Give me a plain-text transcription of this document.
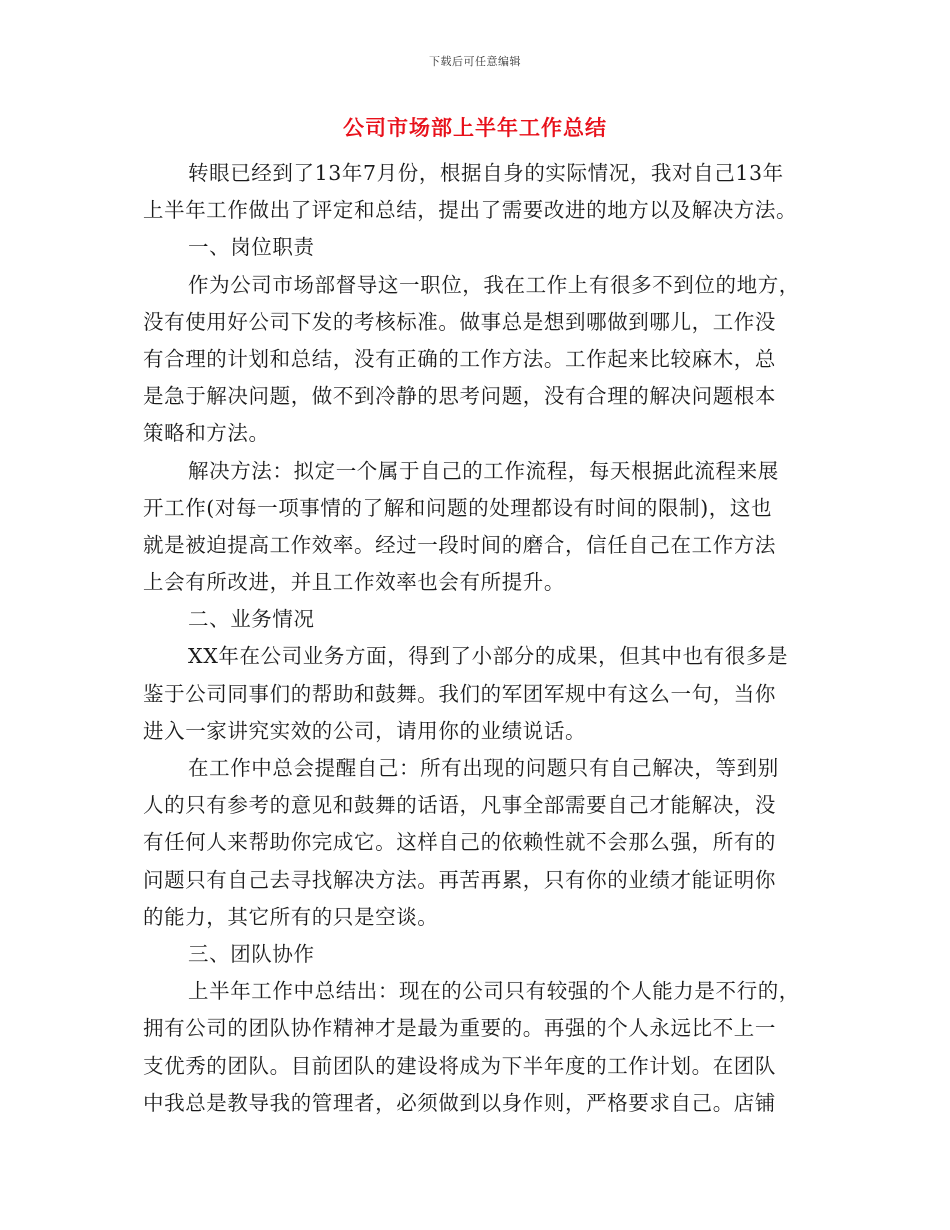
下载后可任意编辑
公司市场部上半年工作总结
转眼已经到了13年7月份，根据自身的实际情况，我对自己13年
上半年工作做出了评定和总结，提出了需要改进的地方以及解决方法。
一、岗位职责
作为公司市场部督导这一职位，我在工作上有很多不到位的地方，
没有使用好公司下发的考核标准。做事总是想到哪做到哪儿，工作没
有合理的计划和总结，没有正确的工作方法。工作起来比较麻木，总
是急于解决问题，做不到冷静的思考问题，没有合理的解决问题根本
策略和方法。
解决方法：拟定一个属于自己的工作流程，每天根据此流程来展
开工作(对每一项事情的了解和问题的处理都设有时间的限制)，这也
就是被迫提高工作效率。经过一段时间的磨合，信任自己在工作方法
上会有所改进，并且工作效率也会有所提升。
二、业务情况
XX年在公司业务方面，得到了小部分的成果，但其中也有很多是
鉴于公司同事们的帮助和鼓舞。我们的军团军规中有这么一句，当你
进入一家讲究实效的公司，请用你的业绩说话。
在工作中总会提醒自己：所有出现的问题只有自己解决，等到别
人的只有参考的意见和鼓舞的话语，凡事全部需要自己才能解决，没
有任何人来帮助你完成它。这样自己的依赖性就不会那么强，所有的
问题只有自己去寻找解决方法。再苦再累，只有你的业绩才能证明你
的能力，其它所有的只是空谈。
三、团队协作
上半年工作中总结出：现在的公司只有较强的个人能力是不行的，
拥有公司的团队协作精神才是最为重要的。再强的个人永远比不上一
支优秀的团队。目前团队的建设将成为下半年度的工作计划。在团队
中我总是教导我的管理者，必须做到以身作则，严格要求自己。店铺
